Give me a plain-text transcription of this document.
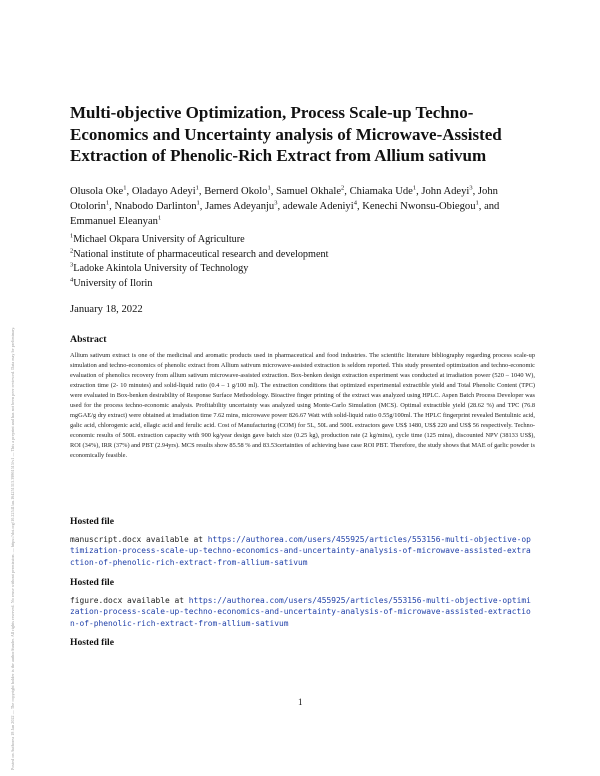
Posted on Authorea 18 Jan 2022 — The copyright holder is the author/funder. All rights reserved. No reuse without permission. — https://doi.org/10.22541/au.164251313.39861515/v1 — This a preprint and has not been peer reviewed. Data may be preliminary.
Multi-objective Optimization, Process Scale-up Techno-Economics and Uncertainty analysis of Microwave-Assisted Extraction of Phenolic-Rich Extract from Allium sativum
Olusola Oke$^1$, Oladayo Adeyi$^1$, Bernerd Okolo$^1$, Samuel Okhale$^2$, Chiamaka Ude$^1$, John Adeyi$^3$, John Otolorin$^1$, Nnabodo Darlinton$^1$, James Adeyanju$^3$, adewale Adeniyi$^4$, Kenechi Nwonsu-Obiegou$^1$, and Emmanuel Eleanyan$^1$
$^1$Michael Okpara University of Agriculture
$^2$National institute of pharmaceutical research and development
$^3$Ladoke Akintola University of Technology
$^4$University of Ilorin
January 18, 2022
Abstract

Allium sativum extract is one of the medicinal and aromatic products used in pharmaceutical and food industries. The scientific literature bibliography regarding process scale-up simulation and techno-economics of phenolic extract from Allium sativum microwave-assisted extraction is seldom reported. This study presented optimization and techno-economic evaluation of phenolics recovery from allium sativum microwave-assisted extraction. Box-benken design extraction experiment was conducted at irradiation power (520 – 1040 W), extraction time (2- 10 minutes) and solid-liquid ratio (0.4 – 1 g/100 ml). The extraction conditions that optimized experimental extractible yield and Total Phenolic Content (TPC) were evaluated in Box-benken desirability of Response Surface Methodology. Bioactive finger printing of the extract was analyzed using HPLC. Aspen Batch Process Developer was used for the process techno-economic analysis. Profitability uncertainty was analyzed using Monte-Carlo Simulation (MCS). Optimal extractible yield (28.62 %) and TPC (76.8 mgGAE/g dry extract) were obtained at irradiation time 7.62 mins, microwave power 826.67 Watt with solid-liquid ratio 0.55g/100ml. The HPLC fingerprint revealed Bentulinic acid, galic acid, chlorogenic acid, ellagic acid and ferulic acid. Cost of Manufacturing (COM) for 5L, 50L and 500L extractors gave US$ 1480, US$ 220 and US$ 56 respectively. Techno-economic results of 500L extraction capacity with 900 kg/year design gave batch size (0.25 kg), production rate (2 kg/mins), cycle time (125 mins), discounted NPV (38133 US$), ROI (34%), IRR (37%) and PBT (2.94yrs). MCS results show 85.58 % and 83.53certainties of achieving base case ROI PBT. Therefore, the study shows that MAE of garlic powder is economically feasible.

Hosted file
manuscript.docx available at https://authorea.com/users/455925/articles/553156-multi-objective-optimization-process-scale-up-techno-economics-and-uncertainty-analysis-of-microwave-assisted-extraction-of-phenolic-rich-extract-from-allium-sativum
Hosted file
figure.docx available at https://authorea.com/users/455925/articles/553156-multi-objective-optimization-process-scale-up-techno-economics-and-uncertainty-analysis-of-microwave-assisted-extraction-of-phenolic-rich-extract-from-allium-sativum
Hosted file
1
